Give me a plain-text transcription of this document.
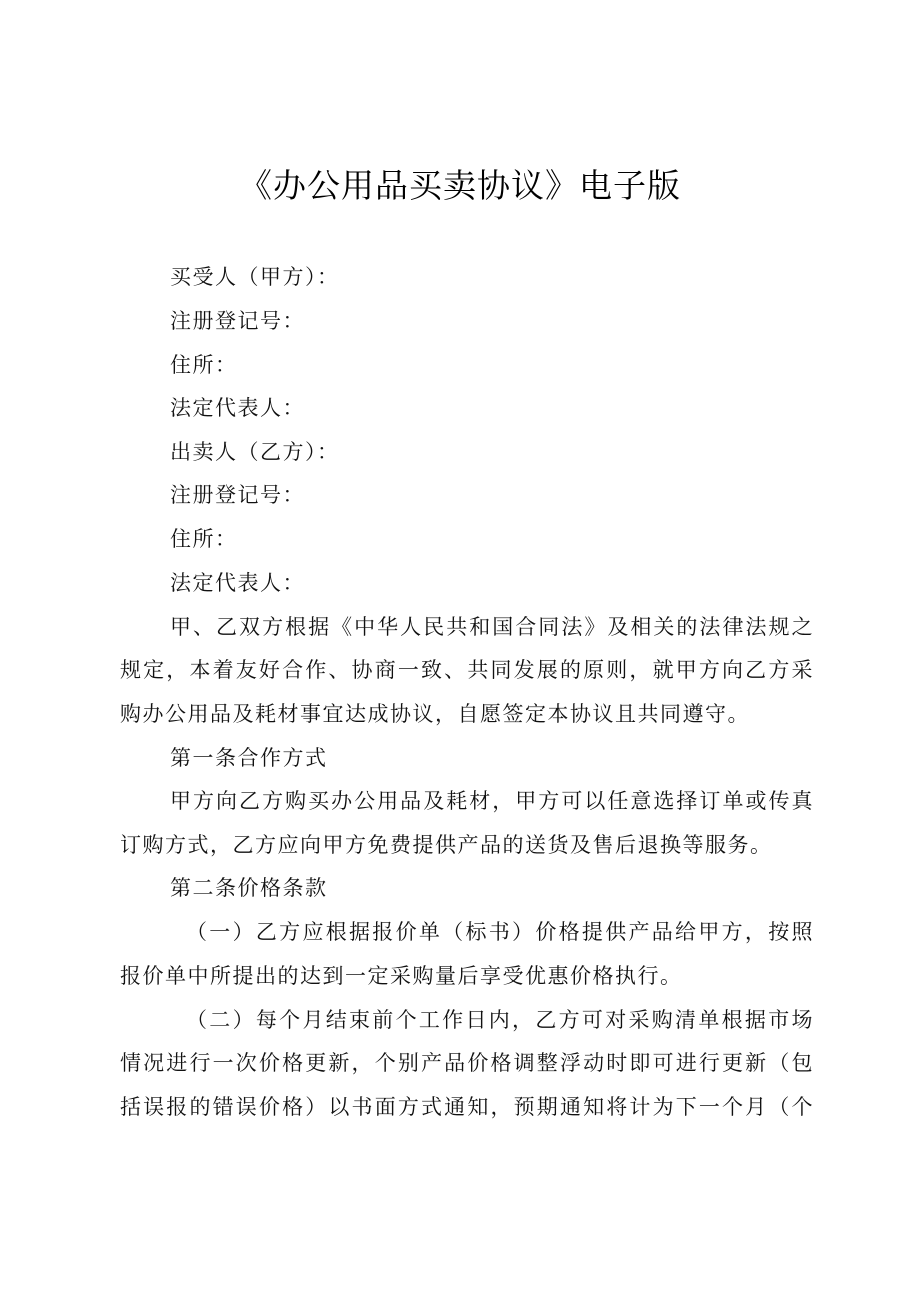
《办公用品买卖协议》电子版
买受人（甲方）：
注册登记号：
住所：
法定代表人：
出卖人（乙方）：
注册登记号：
住所：
法定代表人：
甲、乙双方根据《中华人民共和国合同法》及相关的法律法规之
规定，本着友好合作、协商一致、共同发展的原则，就甲方向乙方采
购办公用品及耗材事宜达成协议，自愿签定本协议且共同遵守。
第一条合作方式
甲方向乙方购买办公用品及耗材，甲方可以任意选择订单或传真
订购方式，乙方应向甲方免费提供产品的送货及售后退换等服务。
第二条价格条款
（一）乙方应根据报价单（标书）价格提供产品给甲方，按照
报价单中所提出的达到一定采购量后享受优惠价格执行。
（二）每个月结束前个工作日内，乙方可对采购清单根据市场
情况进行一次价格更新，个别产品价格调整浮动时即可进行更新（包
括误报的错误价格）以书面方式通知，预期通知将计为下一个月（个
